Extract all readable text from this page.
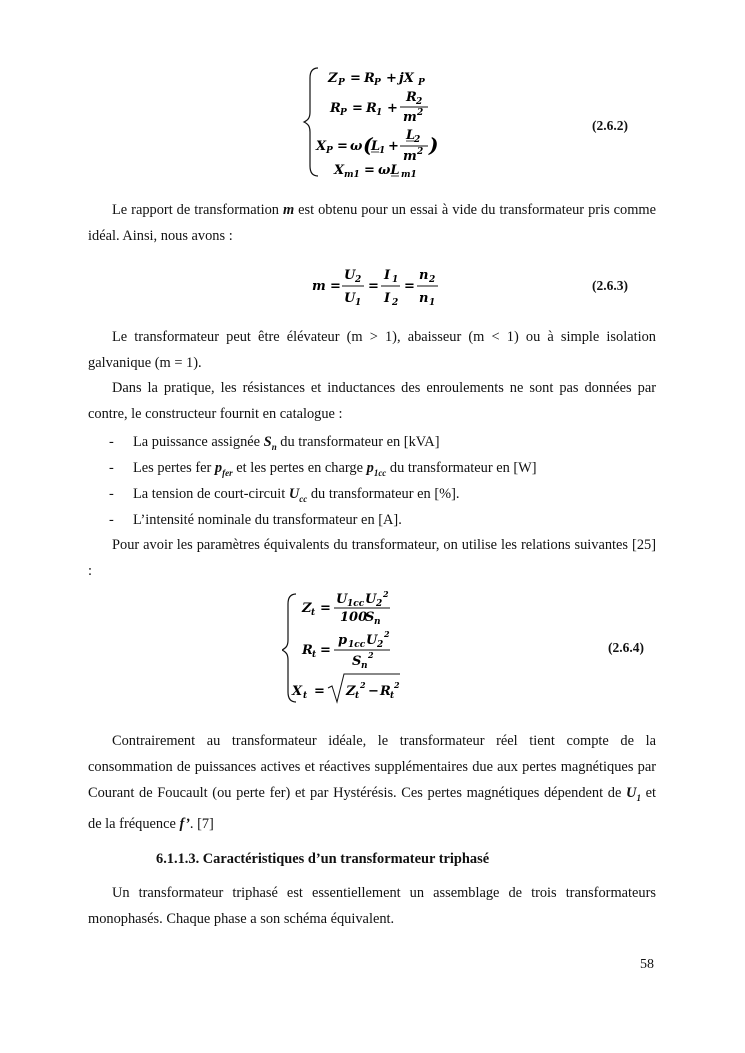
Z P = R P + jX P
R P = R 1 +
R 2
m 2
X P = ω (
L
1 +
L
2
m 2 )
X m1 = ωL m1
(2.6.2)
Le rapport de transformation m est obtenu pour un essai à vide du transformateur pris comme idéal. Ainsi, nous avons :
m =
U 2
U 1
=
I 1
I 2
=
n 2
n 1
(2.6.3)
Le transformateur peut être élévateur (m > 1), abaisseur (m < 1) ou à simple isolation galvanique (m = 1).
Dans la pratique, les résistances et inductances des enroulements ne sont pas données par contre, le constructeur fournit en catalogue :
- La puissance assignée $S_n$ du transformateur en [kVA]
- Les pertes fer $p_{fer}$ et les pertes en charge $p_{1cc}$ du transformateur en [W]
- La tension de court-circuit $U_{cc}$ du transformateur en [%].
- L’intensité nominale du transformateur en [A].
Pour avoir les paramètres équivalents du transformateur, on utilise les relations suivantes [25] :
Z t =
U 1cc U 2
2
100
S n
R t =
p 1cc U 2
2
S n
2
X t = Z t
2 − R t
2
(2.6.4)
Contrairement au transformateur idéale, le transformateur réel tient compte de la consommation de puissances actives et réactives supplémentaires due aux pertes magnétiques par Courant de Foucault (ou perte fer) et par Hystérésis. Ces pertes magnétiques dépendent de $U_1$ et de la fréquence f’. [7]
6.1.1.3. Caractéristiques d’un transformateur triphasé
Un transformateur triphasé est essentiellement un assemblage de trois transformateurs monophasés. Chaque phase a son schéma équivalent.
58
